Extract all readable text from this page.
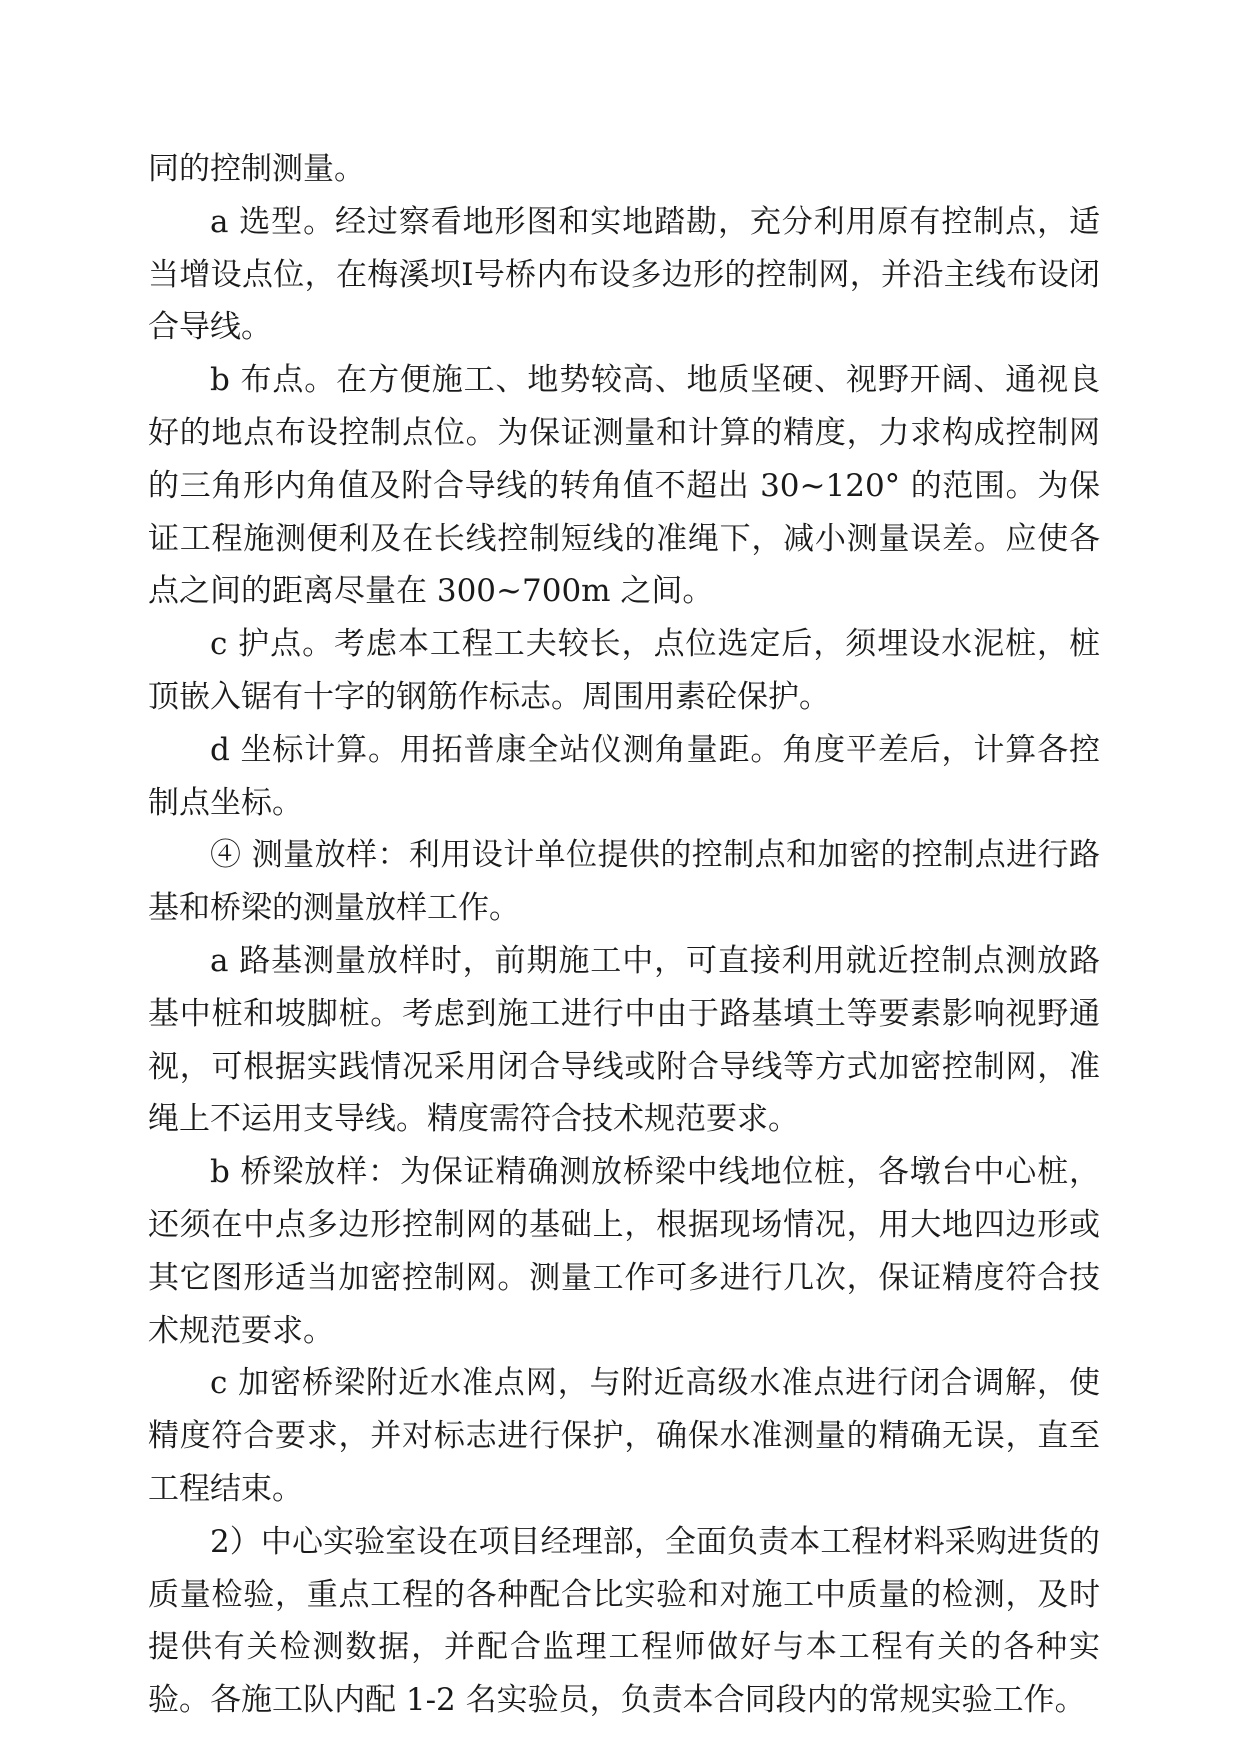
同的控制测量。

a 选型。经过察看地形图和实地踏勘，充分利用原有控制点，适当增设点位，在梅溪坝Ⅰ号桥内布设多边形的控制网，并沿主线布设闭合导线。

b 布点。在方便施工、地势较高、地质坚硬、视野开阔、通视良好的地点布设控制点位。为保证测量和计算的精度，力求构成控制网的三角形内角值及附合导线的转角值不超出 30~120° 的范围。为保证工程施测便利及在长线控制短线的准绳下，减小测量误差。应使各点之间的距离尽量在 300~700m 之间。

c 护点。考虑本工程工夫较长，点位选定后，须埋设水泥桩，桩顶嵌入锯有十字的钢筋作标志。周围用素砼保护。

d 坐标计算。用拓普康全站仪测角量距。角度平差后，计算各控制点坐标。

④ 测量放样：利用设计单位提供的控制点和加密的控制点进行路基和桥梁的测量放样工作。

a 路基测量放样时，前期施工中，可直接利用就近控制点测放路基中桩和坡脚桩。考虑到施工进行中由于路基填土等要素影响视野通视，可根据实践情况采用闭合导线或附合导线等方式加密控制网，准绳上不运用支导线。精度需符合技术规范要求。

b 桥梁放样：为保证精确测放桥梁中线地位桩，各墩台中心桩，还须在中点多边形控制网的基础上，根据现场情况，用大地四边形或其它图形适当加密控制网。测量工作可多进行几次，保证精度符合技术规范要求。

c 加密桥梁附近水准点网，与附近高级水准点进行闭合调解，使精度符合要求，并对标志进行保护，确保水准测量的精确无误，直至工程结束。

2）中心实验室设在项目经理部，全面负责本工程材料采购进货的质量检验，重点工程的各种配合比实验和对施工中质量的检测，及时提供有关检测数据，并配合监理工程师做好与本工程有关的各种实验。各施工队内配 1-2 名实验员，负责本合同段内的常规实验工作。
